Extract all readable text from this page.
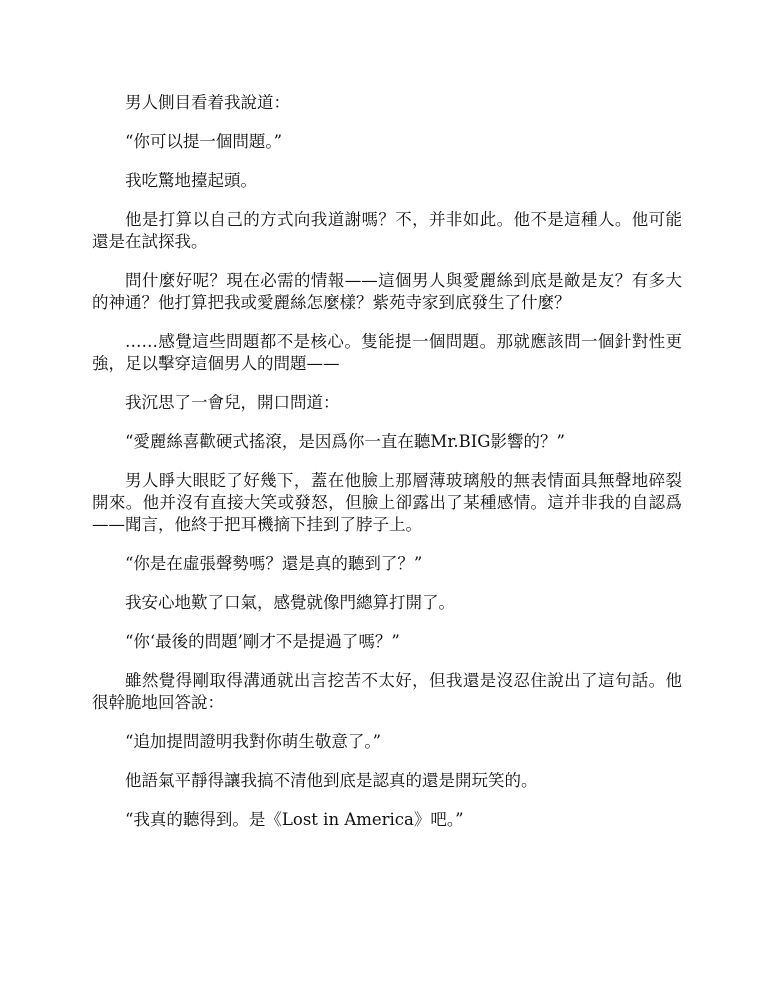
男人側目看着我說道：

“你可以提一個問題。”

我吃驚地擡起頭。

他是打算以自己的方式向我道謝嗎？不，并非如此。他不是這種人。他可能還是在試探我。

問什麼好呢？現在必需的情報——這個男人與愛麗絲到底是敵是友？有多大的神通？他打算把我或愛麗絲怎麼樣？紫苑寺家到底發生了什麼？

……感覺這些問題都不是核心。隻能提一個問題。那就應該問一個針對性更強，足以擊穿這個男人的問題——

我沉思了一會兒，開口問道：

“愛麗絲喜歡硬式搖滾，是因爲你一直在聽Mr.BIG影響的？”

男人睜大眼眨了好幾下，蓋在他臉上那層薄玻璃般的無表情面具無聲地碎裂開來。他并沒有直接大笑或發怒，但臉上卻露出了某種感情。這并非我的自認爲——聞言，他終于把耳機摘下挂到了脖子上。

“你是在虛張聲勢嗎？還是真的聽到了？”

我安心地歎了口氣，感覺就像門總算打開了。

“你‘最後的問題’剛才不是提過了嗎？”

雖然覺得剛取得溝通就出言挖苦不太好，但我還是沒忍住說出了這句話。他很幹脆地回答說：

“追加提問證明我對你萌生敬意了。”

他語氣平靜得讓我搞不清他到底是認真的還是開玩笑的。

“我真的聽得到。是《Lost in America》吧。”
